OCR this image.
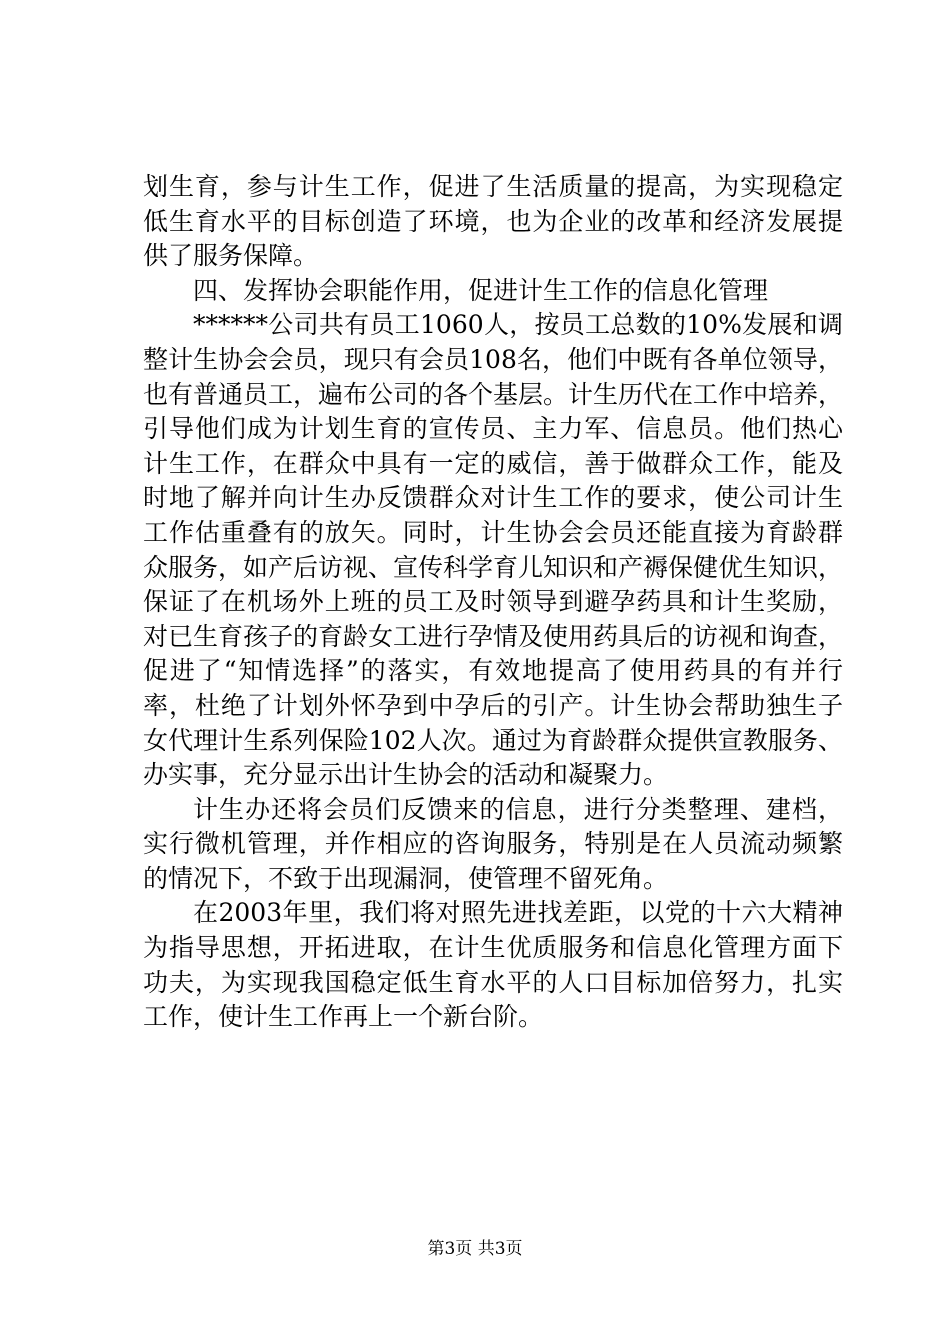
划生育，参与计生工作，促进了生活质量的提高，为实现稳定
低生育水平的目标创造了环境，也为企业的改革和经济发展提
供了服务保障。
四、发挥协会职能作用，促进计生工作的信息化管理
******公司共有员工1060人，按员工总数的10%发展和调
整计生协会会员，现只有会员108名，他们中既有各单位领导，
也有普通员工，遍布公司的各个基层。计生历代在工作中培养，
引导他们成为计划生育的宣传员、主力军、信息员。他们热心
计生工作，在群众中具有一定的威信，善于做群众工作，能及
时地了解并向计生办反馈群众对计生工作的要求，使公司计生
工作估重叠有的放矢。同时，计生协会会员还能直接为育龄群
众服务，如产后访视、宣传科学育儿知识和产褥保健优生知识，
保证了在机场外上班的员工及时领导到避孕药具和计生奖励，
对已生育孩子的育龄女工进行孕情及使用药具后的访视和询查，
促进了“知情选择”的落实，有效地提高了使用药具的有并行
率，杜绝了计划外怀孕到中孕后的引产。计生协会帮助独生子
女代理计生系列保险102人次。通过为育龄群众提供宣教服务、
办实事，充分显示出计生协会的活动和凝聚力。
计生办还将会员们反馈来的信息，进行分类整理、建档，
实行微机管理，并作相应的咨询服务，特别是在人员流动频繁
的情况下，不致于出现漏洞，使管理不留死角。
在2003年里，我们将对照先进找差距，以党的十六大精神
为指导思想，开拓进取，在计生优质服务和信息化管理方面下
功夫，为实现我国稳定低生育水平的人口目标加倍努力，扎实
工作，使计生工作再上一个新台阶。
第3页 共3页
